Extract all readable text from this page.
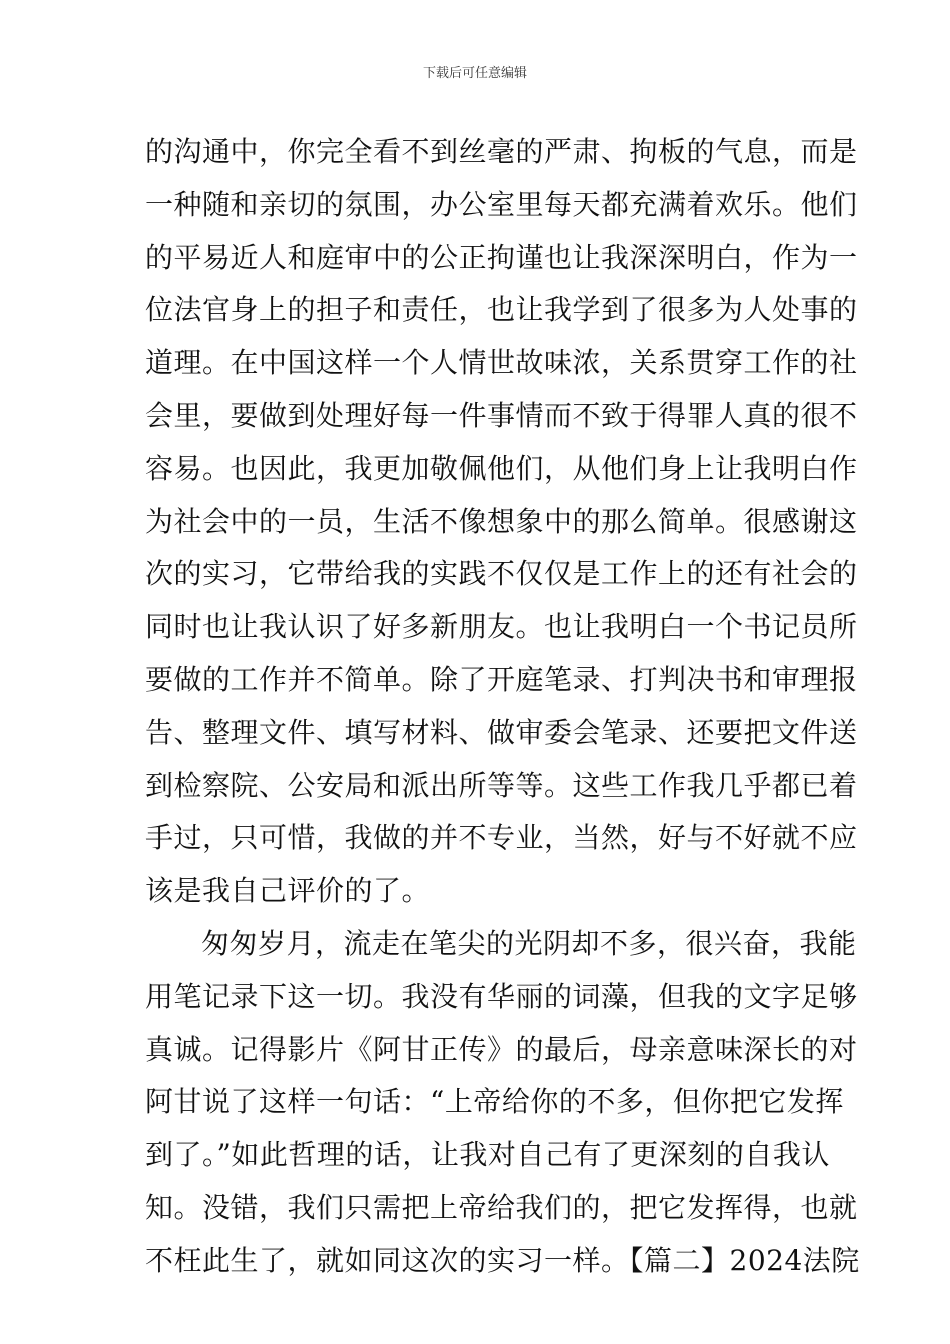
下载后可任意编辑
的沟通中，你完全看不到丝毫的严肃、拘板的气息，而是
一种随和亲切的氛围，办公室里每天都充满着欢乐。他们
的平易近人和庭审中的公正拘谨也让我深深明白，作为一
位法官身上的担子和责任，也让我学到了很多为人处事的
道理。在中国这样一个人情世故味浓，关系贯穿工作的社
会里，要做到处理好每一件事情而不致于得罪人真的很不
容易。也因此，我更加敬佩他们，从他们身上让我明白作
为社会中的一员，生活不像想象中的那么简单。很感谢这
次的实习，它带给我的实践不仅仅是工作上的还有社会的
同时也让我认识了好多新朋友。也让我明白一个书记员所
要做的工作并不简单。除了开庭笔录、打判决书和审理报
告、整理文件、填写材料、做审委会笔录、还要把文件送
到检察院、公安局和派出所等等。这些工作我几乎都已着
手过，只可惜，我做的并不专业，当然，好与不好就不应
该是我自己评价的了。
匆匆岁月，流走在笔尖的光阴却不多，很兴奋，我能
用笔记录下这一切。我没有华丽的词藻，但我的文字足够
真诚。记得影片《阿甘正传》的最后，母亲意味深长的对
阿甘说了这样一句话：“上帝给你的不多，但你把它发挥
到了。”如此哲理的话，让我对自己有了更深刻的自我认
知。没错，我们只需把上帝给我们的，把它发挥得，也就
不枉此生了，就如同这次的实习一样。【篇二】2024法院
